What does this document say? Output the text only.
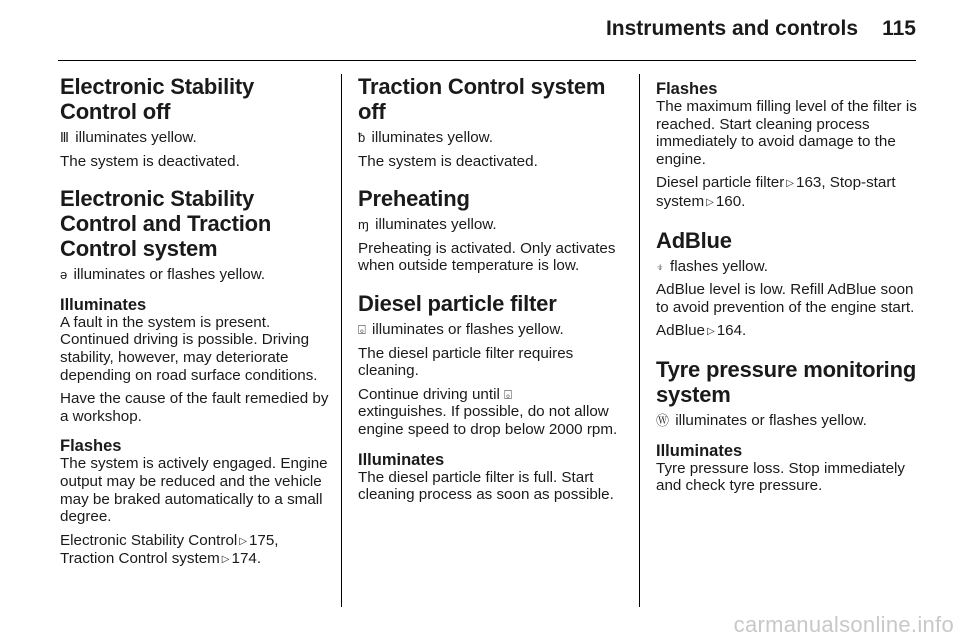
Instruments and controls 115
Electronic Stability Control off

Ⅲ illuminates yellow.

The system is deactivated.

Electronic Stability Control and Traction Control system

ə illuminates or flashes yellow.

Illuminates

A fault in the system is present. Continued driving is possible. Driving stability, however, may deteriorate depending on road surface conditions.

Have the cause of the fault remedied by a workshop.

Flashes

The system is actively engaged. Engine output may be reduced and the vehicle may be braked automatically to a small degree.

Electronic Stability Control ▷ 175,
Traction Control system ▷ 174.

Traction Control system off

ƀ illuminates yellow.

The system is deactivated.

Preheating

ɱ illuminates yellow.

Preheating is activated. Only activates when outside temperature is low.

Diesel particle filter

⌻ illuminates or flashes yellow.

The diesel particle filter requires cleaning.

Continue driving until ⌻
extinguishes. If possible, do not allow engine speed to drop below 2000 rpm.

Illuminates

The diesel particle filter is full. Start cleaning process as soon as possible.

Flashes

The maximum filling level of the filter is reached. Start cleaning process immediately to avoid damage to the engine.

Diesel particle filter ▷ 163, Stop-start system ▷ 160.

AdBlue

⍖ flashes yellow.

AdBlue level is low. Refill AdBlue soon to avoid prevention of the engine start.

AdBlue ▷ 164.

Tyre pressure monitoring system

Ⓦ illuminates or flashes yellow.

Illuminates

Tyre pressure loss. Stop immediately and check tyre pressure.

carmanualsonline.info
